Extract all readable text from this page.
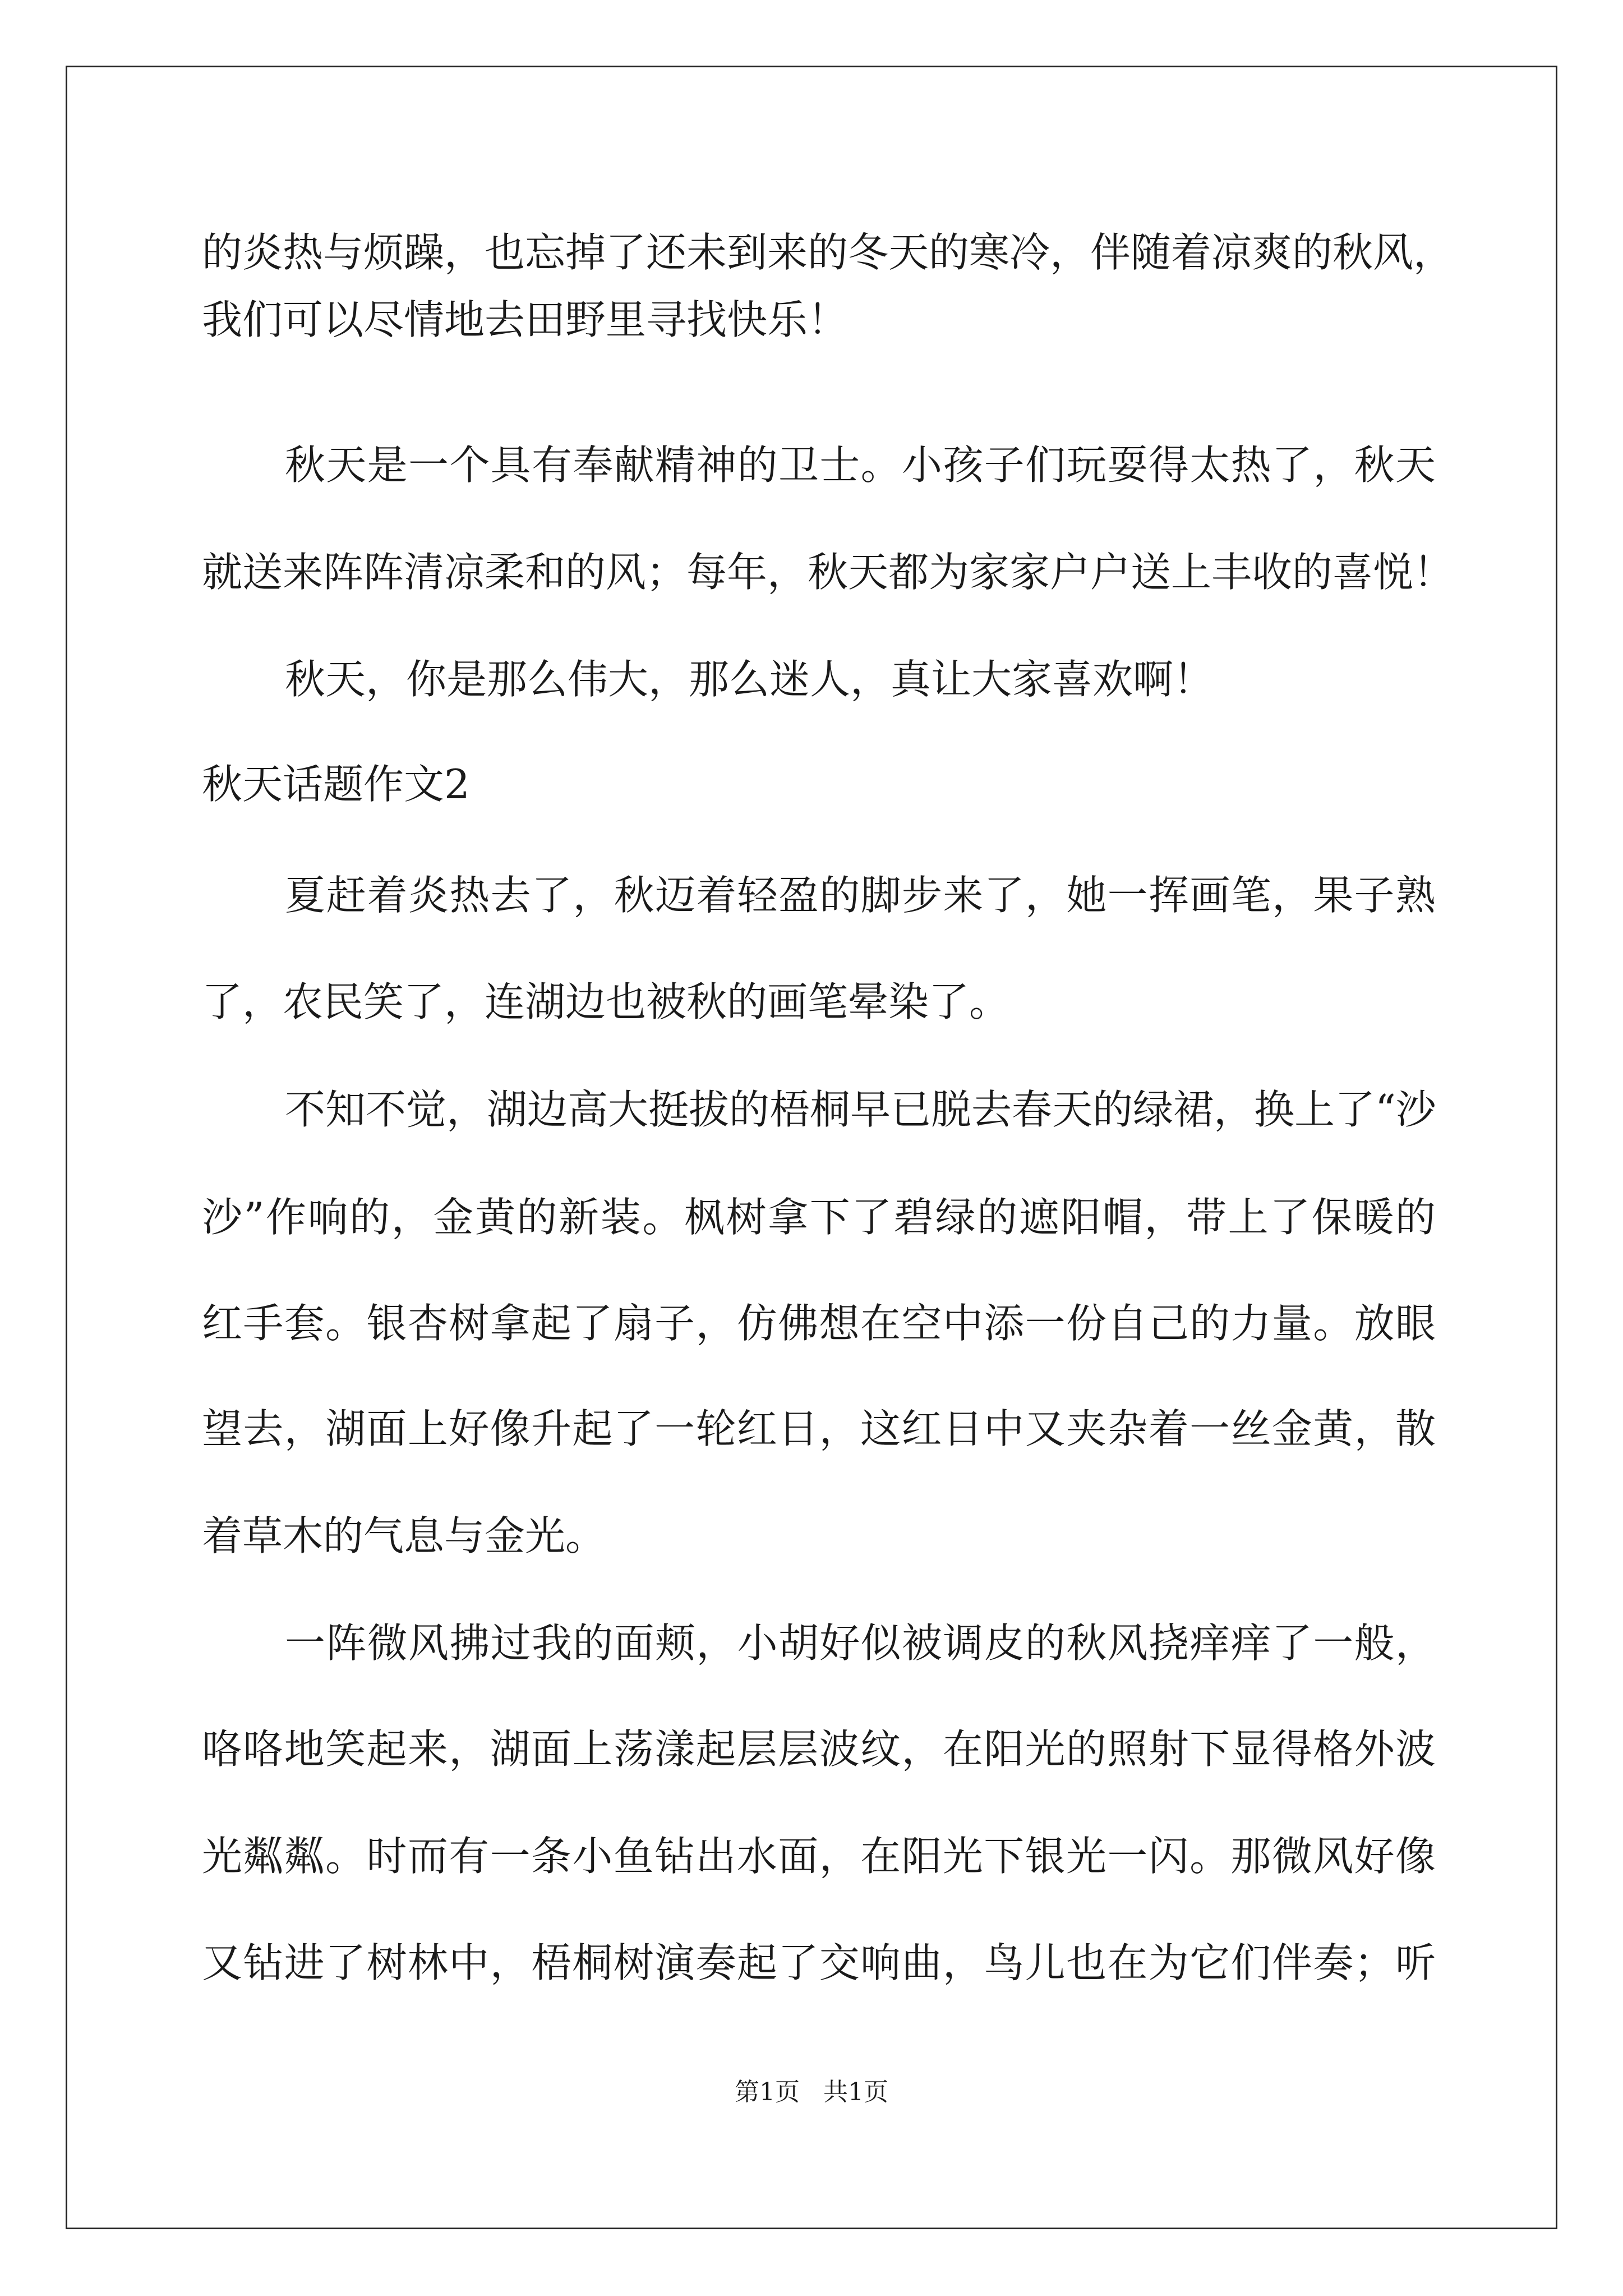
的炎热与烦躁，也忘掉了还未到来的冬天的寒冷，伴随着凉爽的秋风，
我们可以尽情地去田野里寻找快乐！
秋天是一个具有奉献精神的卫士。小孩子们玩耍得太热了，秋天
就送来阵阵清凉柔和的风；每年，秋天都为家家户户送上丰收的喜悦！
秋天，你是那么伟大，那么迷人，真让大家喜欢啊！
秋天话题作文2
夏赶着炎热去了，秋迈着轻盈的脚步来了，她一挥画笔，果子熟
了，农民笑了，连湖边也被秋的画笔晕染了。
不知不觉，湖边高大挺拔的梧桐早已脱去春天的绿裙，换上了“沙
沙”作响的，金黄的新装。枫树拿下了碧绿的遮阳帽，带上了保暖的
红手套。银杏树拿起了扇子，仿佛想在空中添一份自己的力量。放眼
望去，湖面上好像升起了一轮红日，这红日中又夹杂着一丝金黄，散
着草木的气息与金光。
一阵微风拂过我的面颊，小胡好似被调皮的秋风挠痒痒了一般，
咯咯地笑起来，湖面上荡漾起层层波纹，在阳光的照射下显得格外波
光粼粼。时而有一条小鱼钻出水面，在阳光下银光一闪。那微风好像
又钻进了树林中，梧桐树演奏起了交响曲，鸟儿也在为它们伴奏；听
第1页   共1页
